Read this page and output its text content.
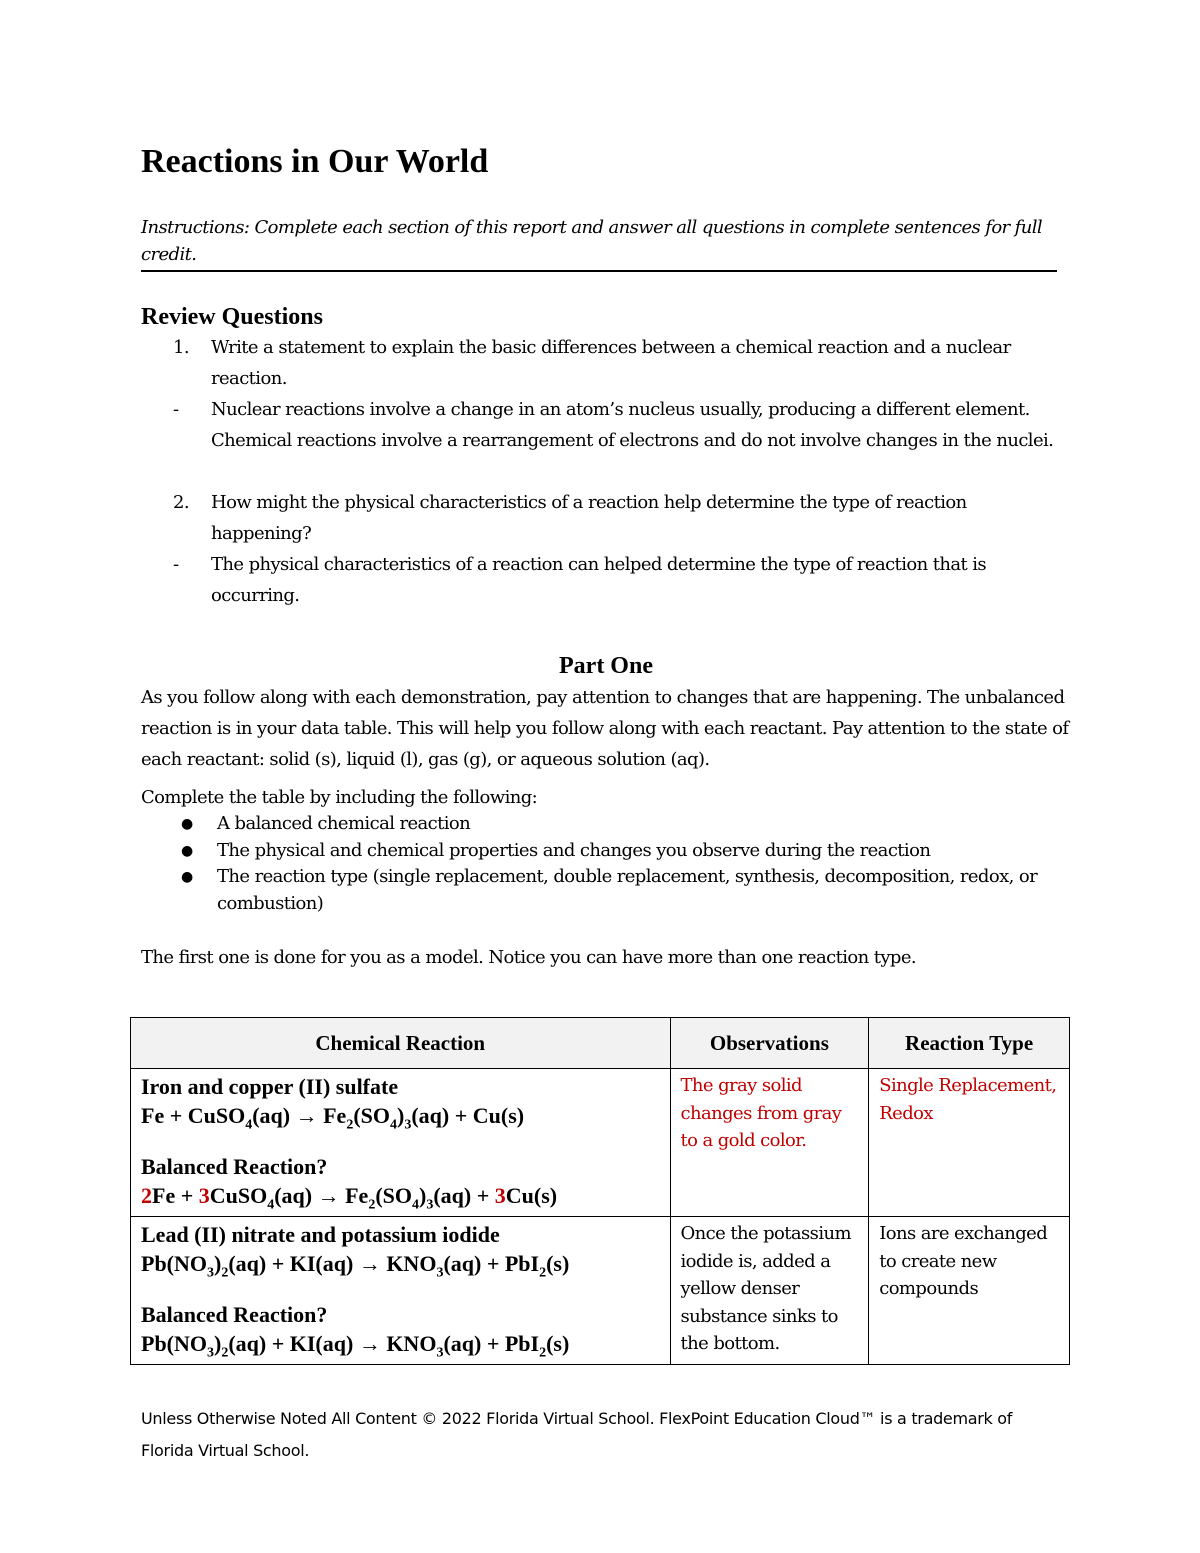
Reactions in Our World
Instructions: Complete each section of this report and answer all questions in complete sentences for full credit.
Review Questions
1.	Write a statement to explain the basic differences between a chemical reaction and a nuclear reaction.
-	Nuclear reactions involve a change in an atom’s nucleus usually, producing a different element. Chemical reactions involve a rearrangement of electrons and do not involve changes in the nuclei.
2.	How might the physical characteristics of a reaction help determine the type of reaction happening?
-	The physical characteristics of a reaction can helped determine the type of reaction that is occurring.
Part One
As you follow along with each demonstration, pay attention to changes that are happening. The unbalanced reaction is in your data table. This will help you follow along with each reactant. Pay attention to the state of each reactant: solid (s), liquid (l), gas (g), or aqueous solution (aq).
Complete the table by including the following:
●	A balanced chemical reaction
●	The physical and chemical properties and changes you observe during the reaction
●	The reaction type (single replacement, double replacement, synthesis, decomposition, redox, or combustion)
The first one is done for you as a model. Notice you can have more than one reaction type.
Chemical Reaction	Observations	Reaction Type

Iron and copper (II) sulfate
Fe + CuSO$_4$(aq) → $Fe_2(SO_4)_3(aq) + Cu(s)$
Balanced Reaction?
2Fe + 3CuSO$_4$(aq) → $Fe_2(SO_4)_3(aq) + 3Cu(s)$	The gray solid changes from gray to a gold color.	Single Replacement, Redox

Lead (II) nitrate and potassium iodide
$Pb(NO_3)_2(aq) + KI(aq) \to KNO_3(aq) + PbI_2(s)$
Balanced Reaction?
$Pb(NO_3)_2(aq) + KI(aq) \to KNO_3(aq) + PbI_2(s)$	Once the potassium iodide is, added a yellow denser substance sinks to the bottom.	Ions are exchanged to create new compounds
Unless Otherwise Noted All Content © 2022 Florida Virtual School. FlexPoint Education Cloud™ is a trademark of Florida Virtual School.
